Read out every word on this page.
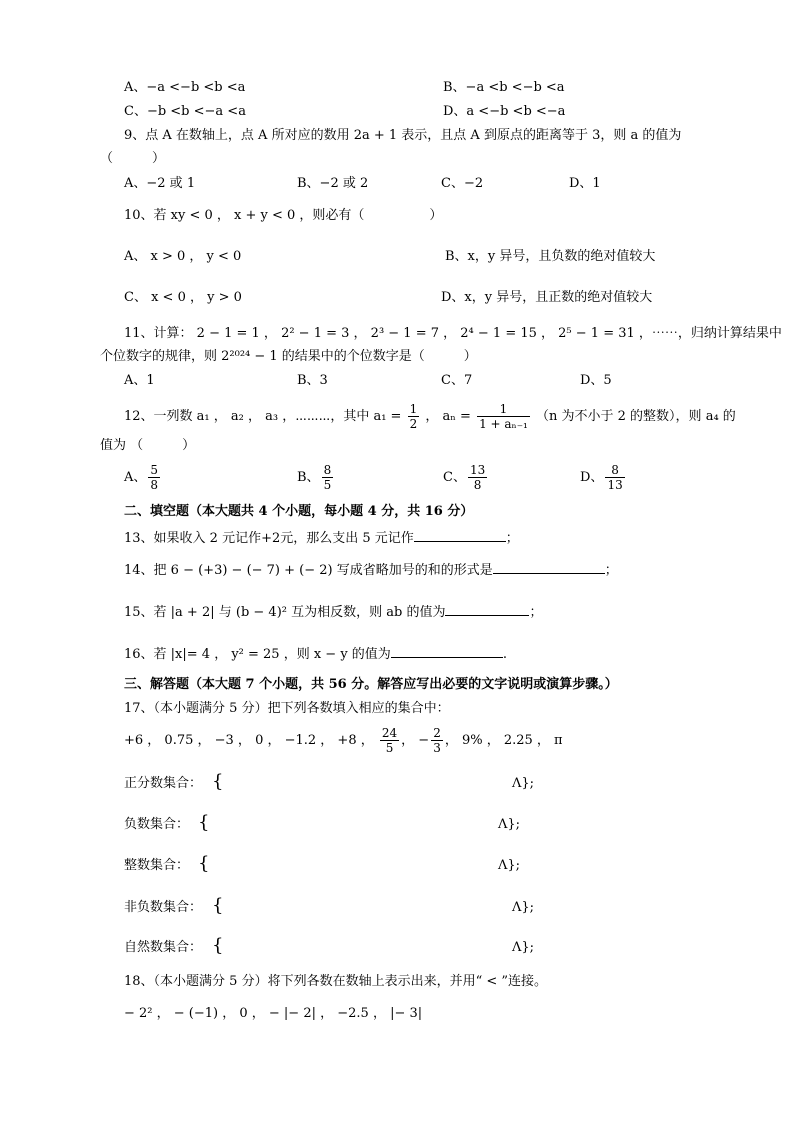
A、−a <−b <b <a	B、−a <b <−b <a
C、−b <b <−a <a	D、a <−b <b <−a
9、点 A 在数轴上，点 A 所对应的数用 2a + 1 表示，且点 A 到原点的距离等于 3，则 a 的值为
（　　　）
A、−2 或 1	B、−2 或 2	C、−2	D、1
10、若 xy < 0 ， x + y < 0 ，则必有（　　　　　）
A、 x > 0 ， y < 0	B、x，y 异号，且负数的绝对值较大
C、 x < 0 ， y > 0	D、x，y 异号，且正数的绝对值较大
11、计算： 2 − 1 = 1 ， 2² − 1 = 3 ， 2³ − 1 = 7 ， 2⁴ − 1 = 15 ， 2⁵ − 1 = 31 ，⋯⋯，归纳计算结果中
个位数字的规律，则 2²⁰²⁴ − 1 的结果中的个位数字是（　　　）
A、1	B、3	C、7	D、5
12、一列数 a₁ ， a₂ ， a₃ ，⋯⋯⋯，其中 $a_1 = \frac{1}{2}$ ， $a_n = \frac{1}{\text{1 + aₙ₋₁}} (n$ 为不小于 2 的整数），则 a₄ 的
值为 （　　　）
A、 $\frac{5}{8}$	B、 $\frac{8}{5}$	C、 $\frac{13}{8}$	D、 $\frac{8}{13}$
二、填空题（本大题共 4 个小题，每小题 4 分，共 16 分）
13、如果收入 2 元记作+2元，那么支出 5 元记作	；
14、把 6 − (+3) − (− 7) + (− 2) 写成省略加号的和的形式是	；
15、若 |a + 2| 与 (b − 4)² 互为相反数，则 ab 的值为	；
16、若 |x|= 4 ， y² = 25 ，则 x − y 的值为	.
三、解答题（本大题 7 个小题，共 56 分。解答应写出必要的文字说明或演算步骤。）
17、（本小题满分 5 分）把下列各数填入相应的集合中：
+6 ， 0.75 ， −3 ， 0 ， −1.2 ， +8 ， $\frac{24}{5}$ ， − $\frac{2}{3}$ ， 9% ， 2.25 ， π
正分数集合： {	Λ};
负数集合： {	Λ};
整数集合： {	Λ};
非负数集合： {	Λ};
自然数集合： {	Λ};
18、（本小题满分 5 分）将下列各数在数轴上表示出来，并用“ < ”连接。
− 2² ， − (−1) ， 0 ， − |− 2| ， −2.5 ， |− 3|
